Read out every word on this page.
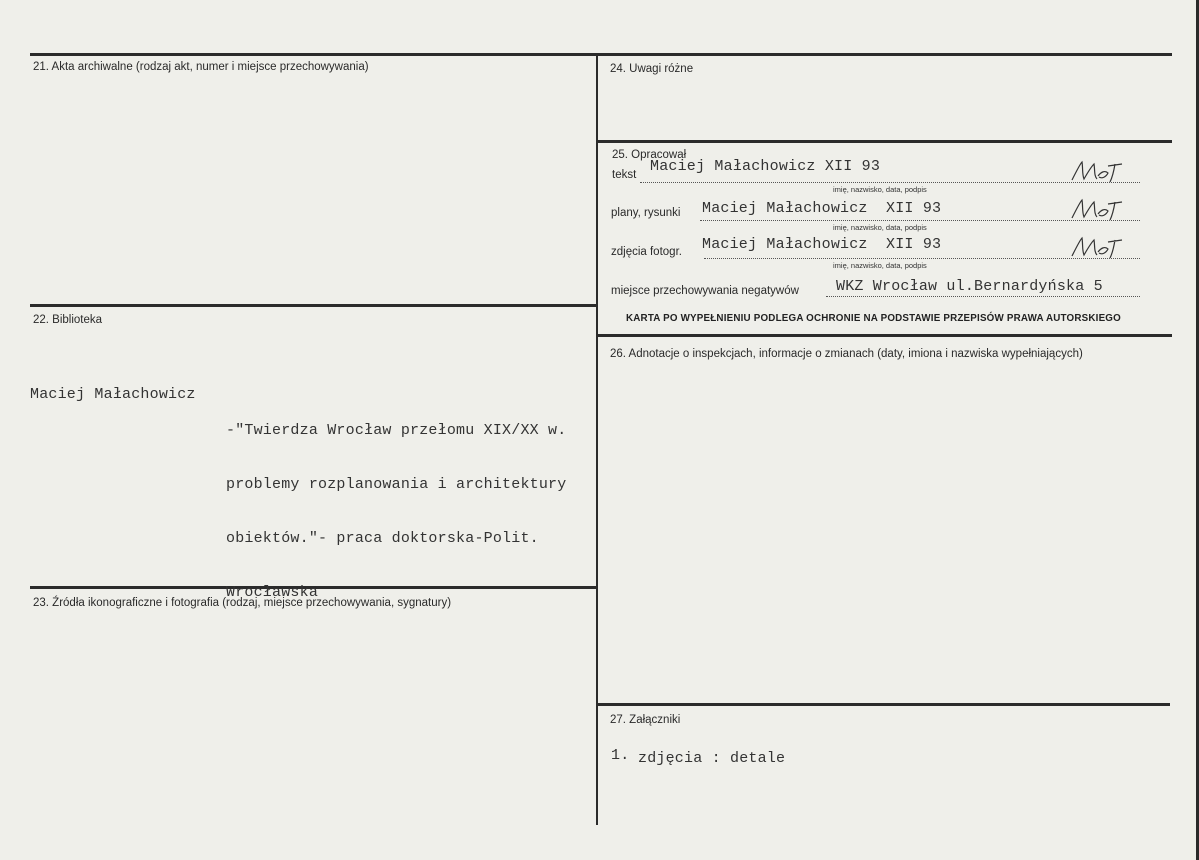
21. Akta archiwalne (rodzaj akt, numer i miejsce przechowywania)
22. Biblioteka

Maciej Małachowicz

-"Twierdza Wrocław przełomu XIX/XX w.

problemy rozplanowania i architektury

obiektów."- praca doktorska-Polit.

Wrocławska

23. Źródła ikonograficzne i fotografia (rodzaj, miejsce przechowywania, sygnatury)
24. Uwagi różne
25. Opracował
tekst Maciej Małachowicz XII 93
imię, nazwisko, data, podpis
plany, rysunki Maciej Małachowicz  XII 93
imię, nazwisko, data, podpis
zdjęcia fotogr. Maciej Małachowicz  XII 93
imię, nazwisko, data, podpis
miejsce przechowywania negatywów WKZ Wrocław ul.Bernardyńska 5
KARTA PO WYPEŁNIENIU PODLEGA OCHRONIE NA PODSTAWIE PRZEPISÓW PRAWA AUTORSKIEGO
26. Adnotacje o inspekcjach, informacje o zmianach (daty, imiona i nazwiska wypełniających)
27. Załączniki
1. zdjęcia : detale
